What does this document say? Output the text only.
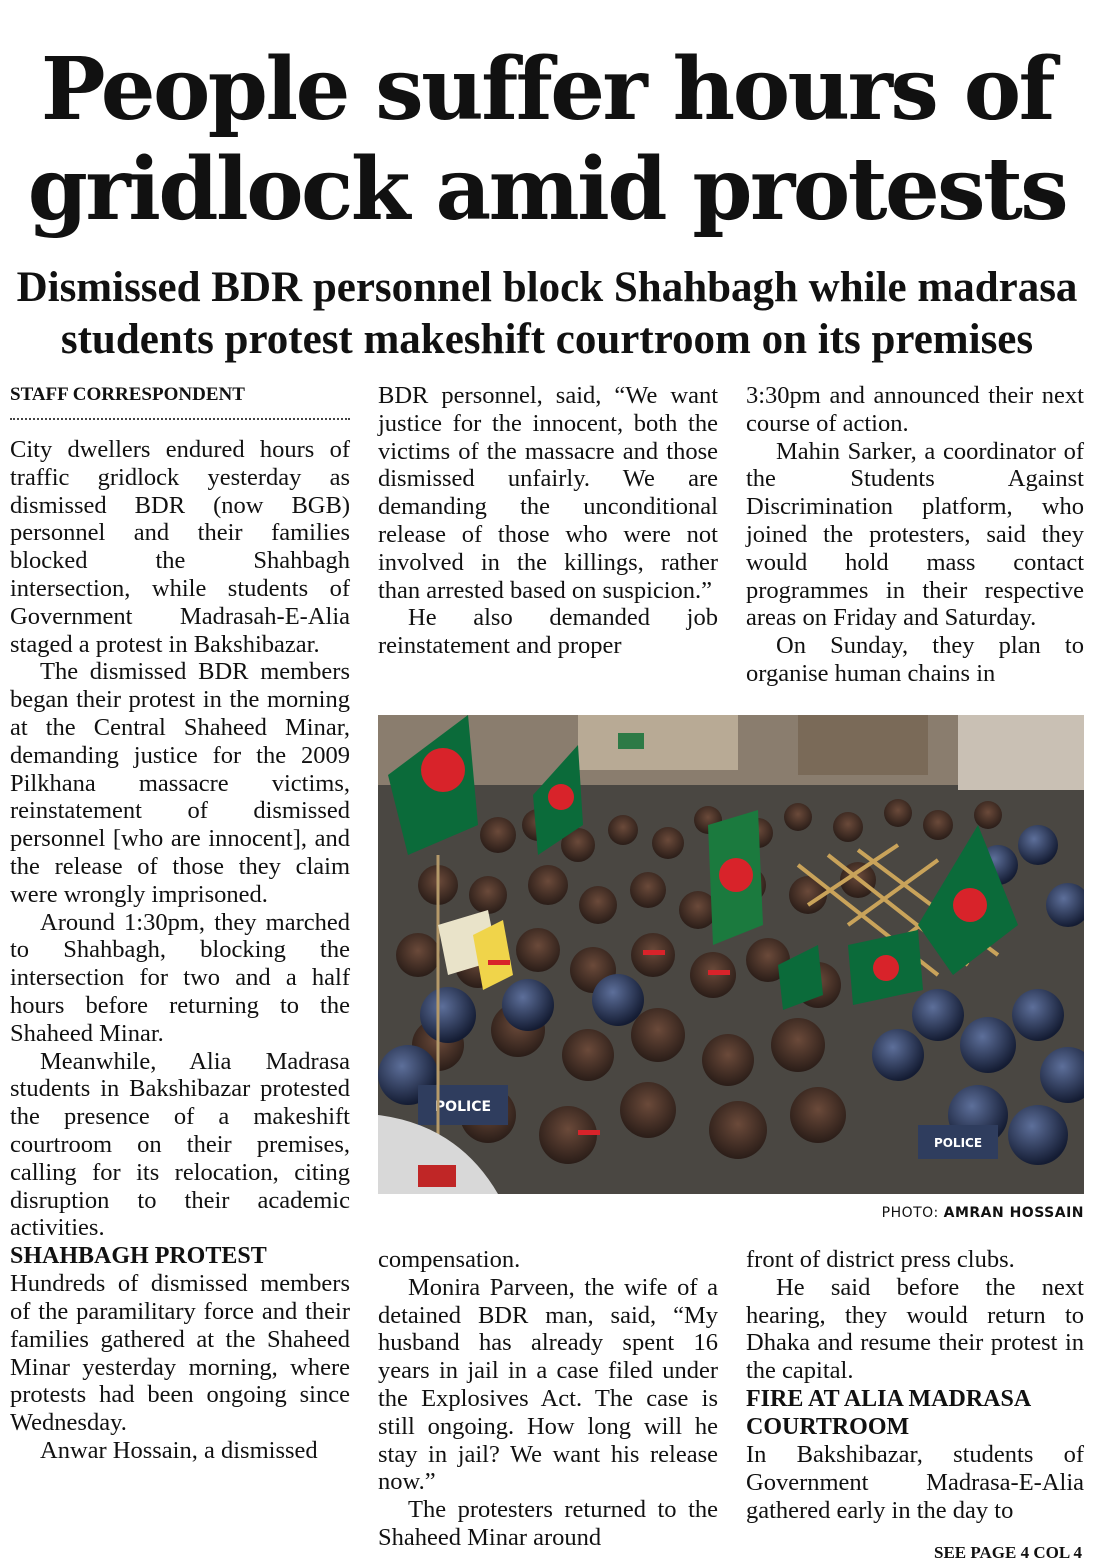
People suffer hours of
gridlock amid protests
Dismissed BDR personnel block Shahbagh while madrasa
students protest makeshift courtroom on its premises
STAFF CORRESPONDENT

City dwellers endured hours of traffic gridlock yesterday as dismissed BDR (now BGB) personnel and their families blocked the Shahbagh intersection, while students of Government Madrasah-E-Alia staged a protest in Bakshibazar.

The dismissed BDR members began their protest in the morning at the Central Shaheed Minar, demanding justice for the 2009 Pilkhana massacre victims, reinstatement of dismissed personnel [who are innocent], and the release of those they claim were wrongly imprisoned.

Around 1:30pm, they marched to Shahbagh, blocking the intersection for two and a half hours before returning to the Shaheed Minar.

Meanwhile, Alia Madrasa students in Bakshibazar protested the presence of a makeshift courtroom on their premises, calling for its relocation, citing disruption to their academic activities.

SHAHBAGH PROTEST

Hundreds of dismissed members of the paramilitary force and their families gathered at the Shaheed Minar yesterday morning, where protests had been ongoing since Wednesday.

Anwar Hossain, a dismissed

BDR personnel, said, “We want justice for the innocent, both the victims of the massacre and those dismissed unfairly. We are demanding the unconditional release of those who were not involved in the killings, rather than arrested based on suspicion.”

He also demanded job reinstatement and proper

3:30pm and announced their next course of action.

Mahin Sarker, a coordinator of the Students Against Discrimination platform, who joined the protesters, said they would hold mass contact programmes in their respective areas on Friday and Saturday.

On Sunday, they plan to organise human chains in

POLICE
POLICE
PHOTO: AMRAN HOSSAIN

compensation.

Monira Parveen, the wife of a detained BDR man, said, “My husband has already spent 16 years in jail in a case filed under the Explosives Act. The case is still ongoing. How long will he stay in jail? We want his release now.”

The protesters returned to the Shaheed Minar around

front of district press clubs.

He said before the next hearing, they would return to Dhaka and resume their protest in the capital.

FIRE AT ALIA MADRASA COURTROOM

In Bakshibazar, students of Government Madrasa-E-Alia gathered early in the day to

SEE PAGE 4 COL 4
